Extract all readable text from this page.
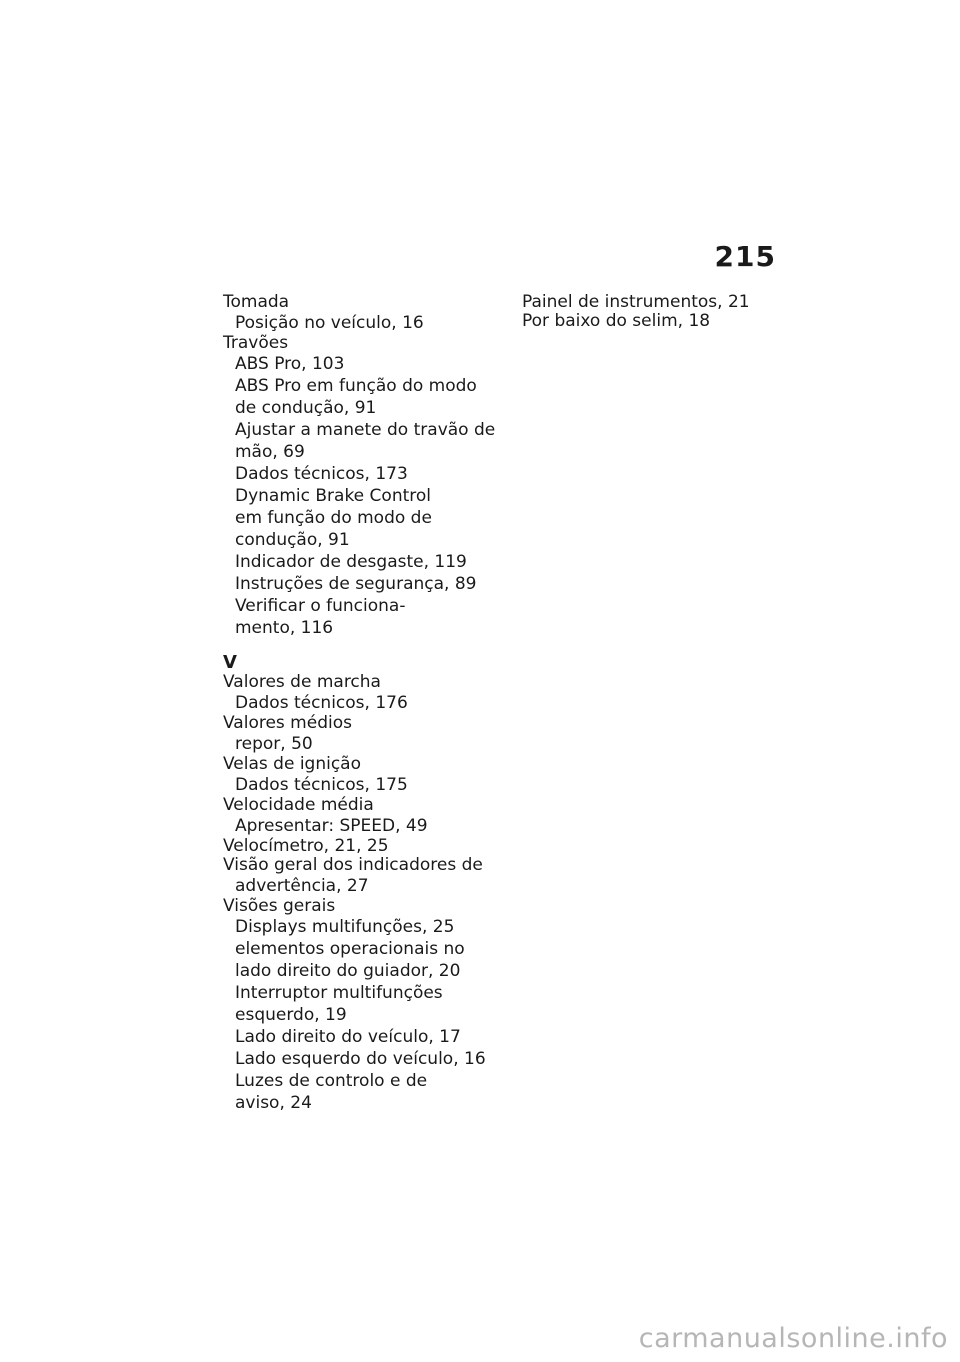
215
Tomada
Posição no veículo, 16
Travões
ABS Pro, 103
ABS Pro em função do modo
de condução, 91
Ajustar a manete do travão de
mão, 69
Dados técnicos, 173
Dynamic Brake Control
em função do modo de
condução, 91
Indicador de desgaste, 119
Instruções de segurança, 89
Verificar o funciona-
mento, 116
V
Valores de marcha
Dados técnicos, 176
Valores médios
repor, 50
Velas de ignição
Dados técnicos, 175
Velocidade média
Apresentar: SPEED, 49
Velocímetro, 21, 25
Visão geral dos indicadores de
advertência, 27
Visões gerais
Displays multifunções, 25
elementos operacionais no
lado direito do guiador, 20
Interruptor multifunções
esquerdo, 19
Lado direito do veículo, 17
Lado esquerdo do veículo, 16
Luzes de controlo e de
aviso, 24
Painel de instrumentos, 21
Por baixo do selim, 18
carmanualsonline.info
